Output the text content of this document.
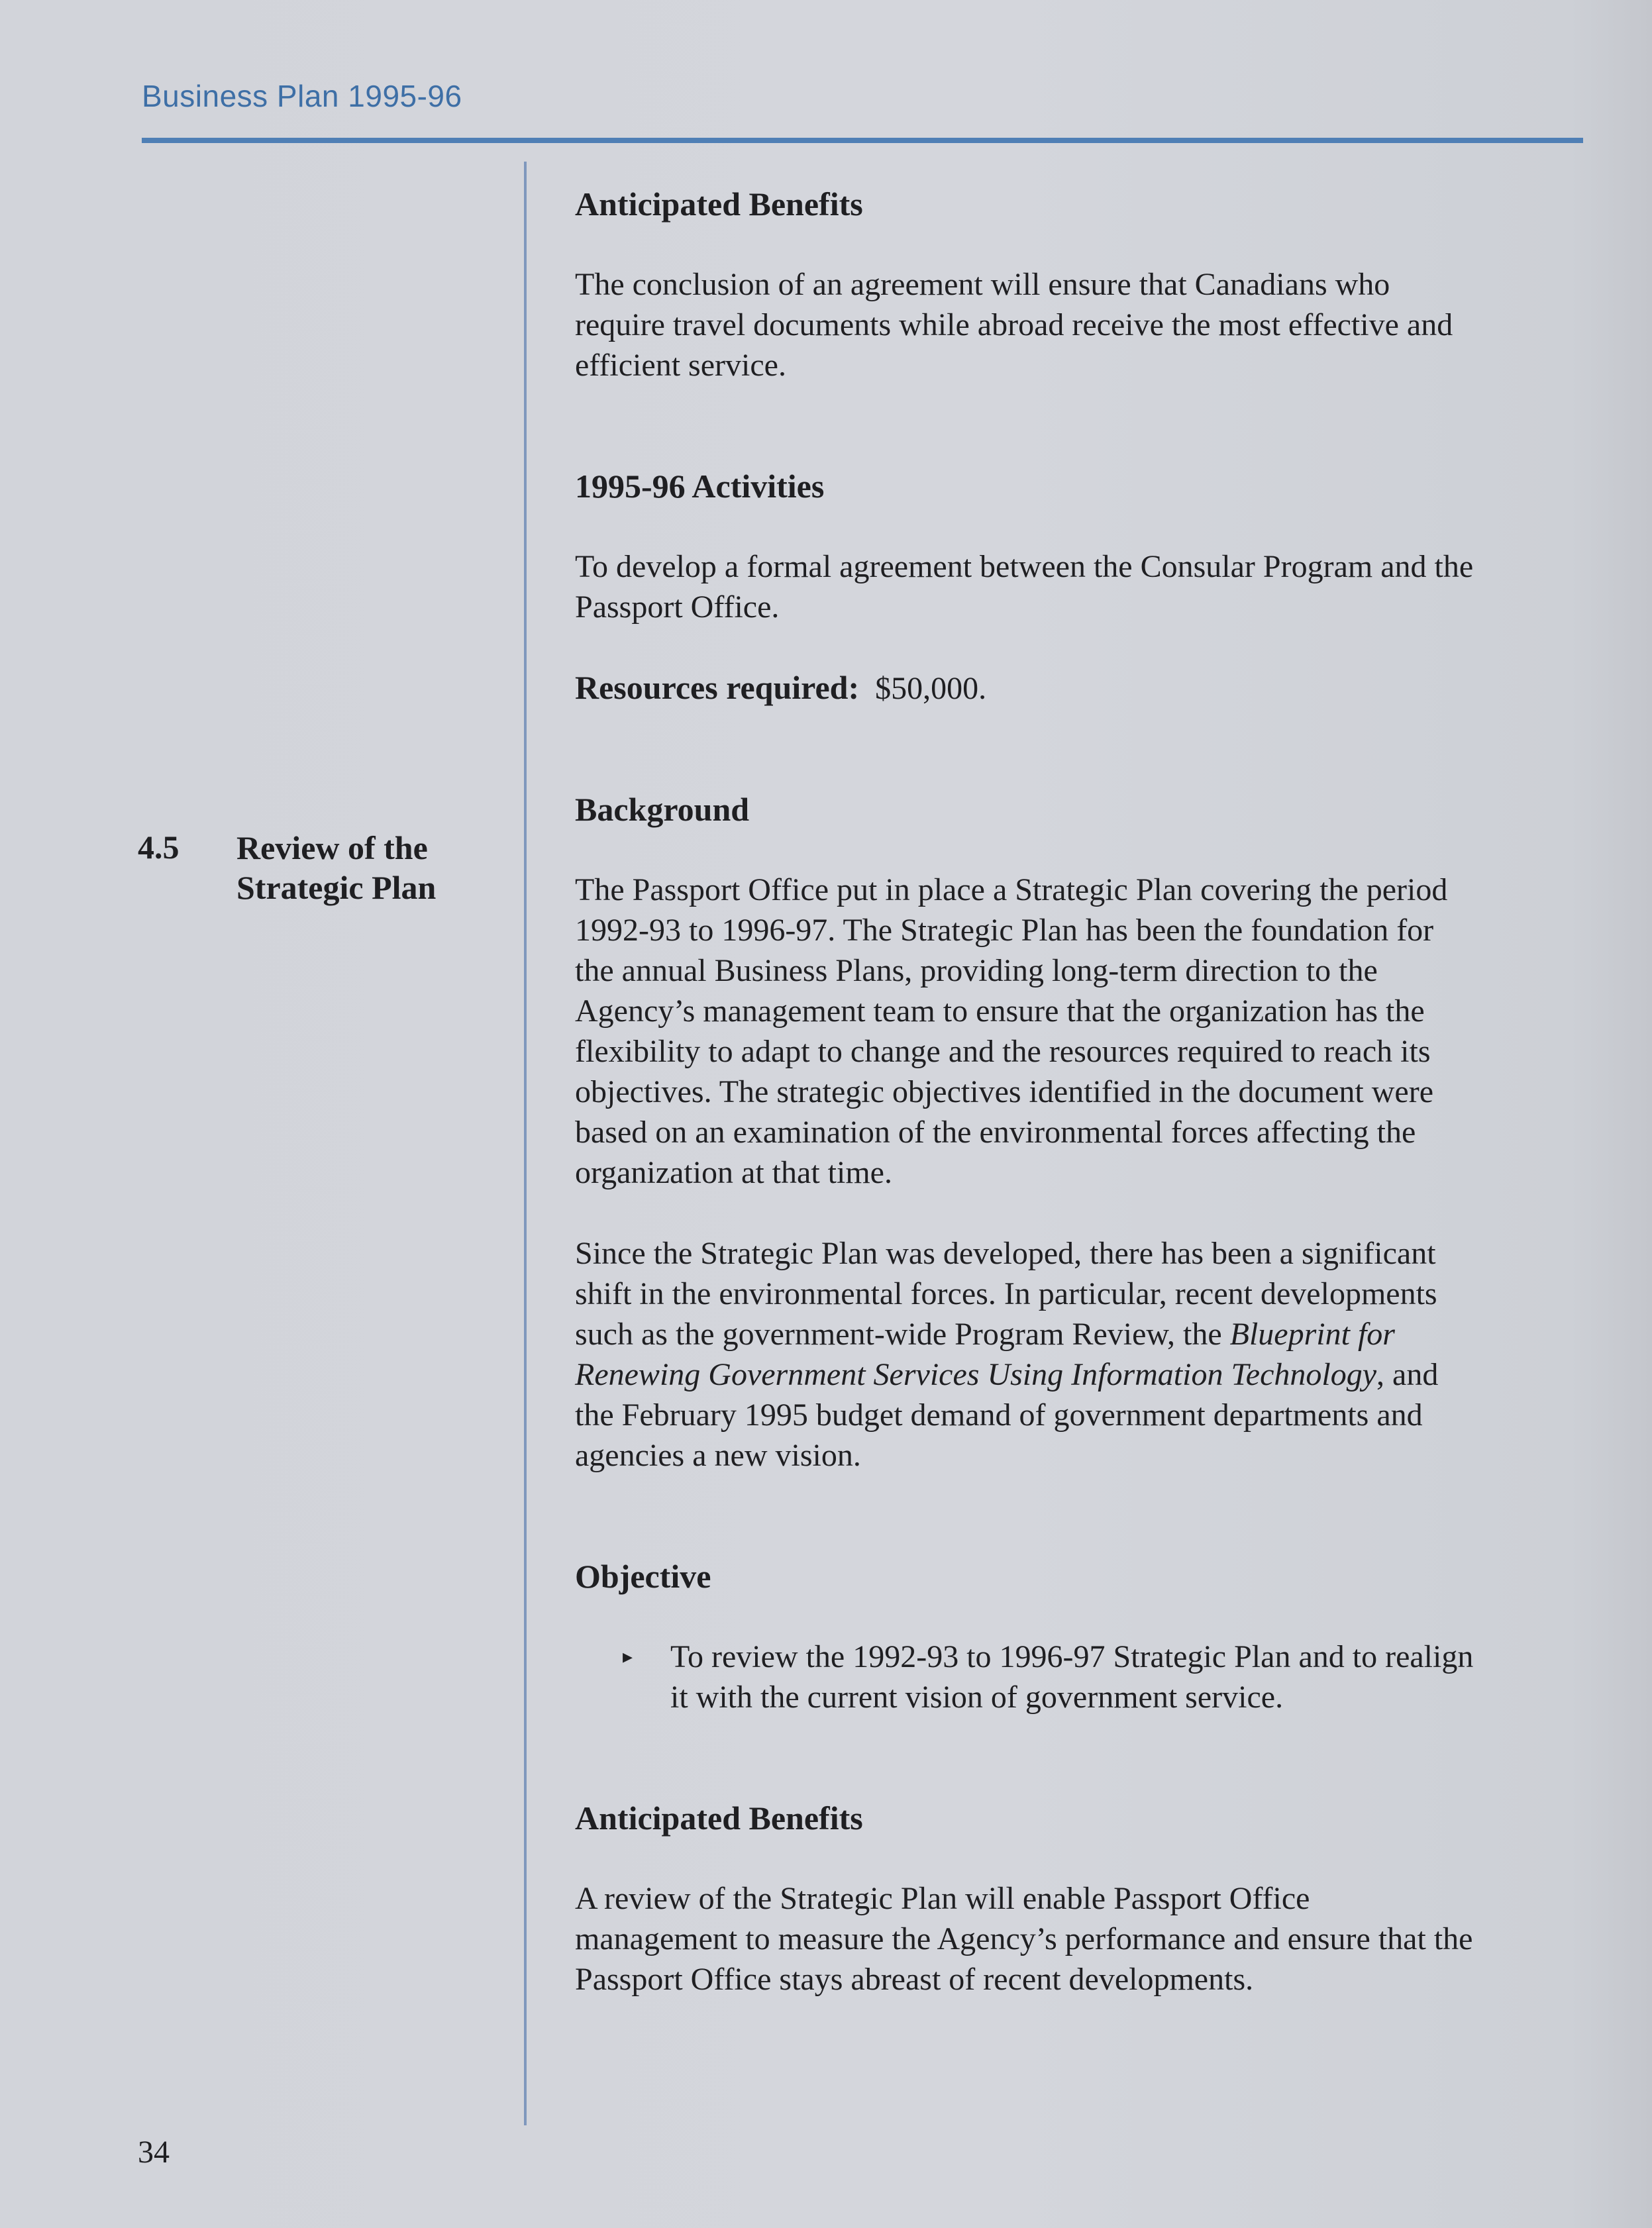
Business Plan 1995-96
4.5 Review of the Strategic Plan
Anticipated Benefits

The conclusion of an agreement will ensure that Canadians who require travel documents while abroad receive the most effective and efficient service.

1995-96 Activities

To develop a formal agreement between the Consular Program and the Passport Office.

Resources required: $50,000.

Background

The Passport Office put in place a Strategic Plan covering the period 1992-93 to 1996-97. The Strategic Plan has been the foundation for the annual Business Plans, providing long-term direction to the Agency’s management team to ensure that the organization has the flexibility to adapt to change and the resources required to reach its objectives. The strategic objectives identified in the document were based on an examination of the environmental forces affecting the organization at that time.

Since the Strategic Plan was developed, there has been a significant shift in the environmental forces. In particular, recent developments such as the government-wide Program Review, the Blueprint for Renewing Government Services Using Information Technology, and the February 1995 budget demand of government departments and agencies a new vision.

Objective
▸	To review the 1992-93 to 1996-97 Strategic Plan and to realign it with the current vision of government service.
Anticipated Benefits

A review of the Strategic Plan will enable Passport Office management to measure the Agency’s performance and ensure that the Passport Office stays abreast of recent developments.

34
